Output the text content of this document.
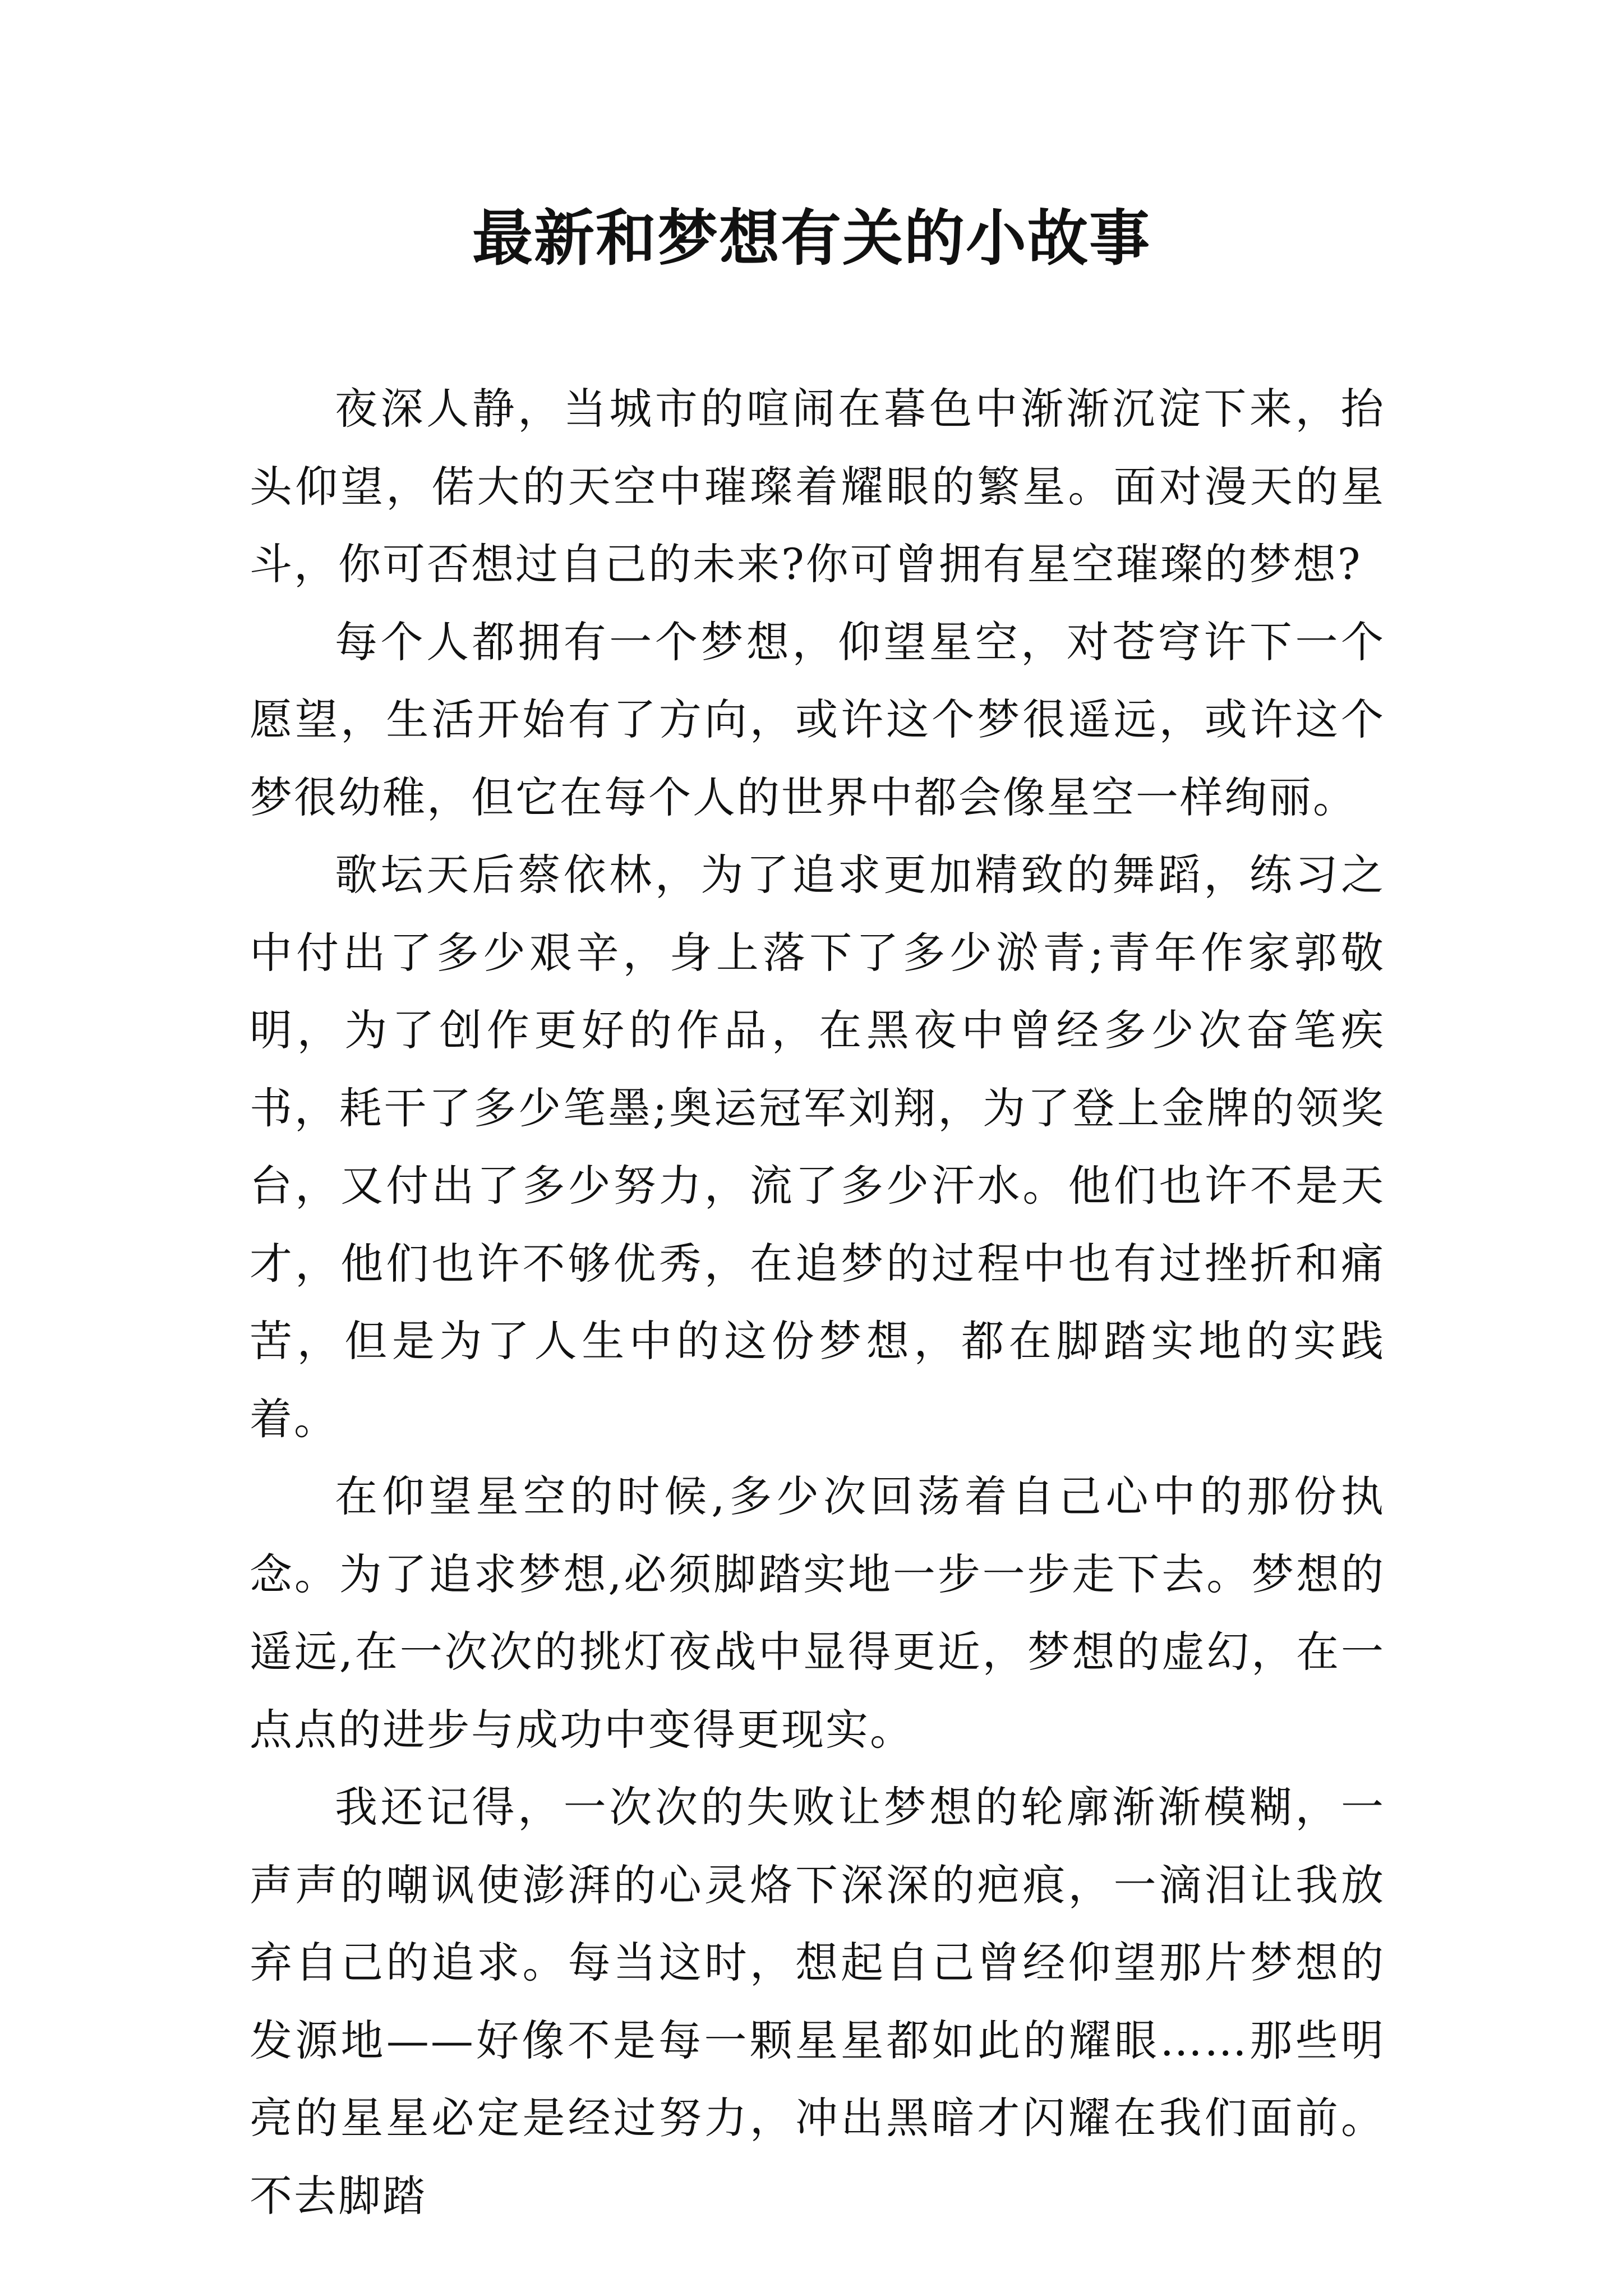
最新和梦想有关的小故事

夜深人静，当城市的喧闹在暮色中渐渐沉淀下来，抬头仰望，偌大的天空中璀璨着耀眼的繁星。面对漫天的星斗，你可否想过自己的未来?你可曾拥有星空璀璨的梦想?

每个人都拥有一个梦想，仰望星空，对苍穹许下一个愿望，生活开始有了方向，或许这个梦很遥远，或许这个梦很幼稚，但它在每个人的世界中都会像星空一样绚丽。

歌坛天后蔡依林，为了追求更加精致的舞蹈，练习之中付出了多少艰辛，身上落下了多少淤青;青年作家郭敬明，为了创作更好的作品，在黑夜中曾经多少次奋笔疾书，耗干了多少笔墨;奥运冠军刘翔，为了登上金牌的领奖台，又付出了多少努力，流了多少汗水。他们也许不是天才，他们也许不够优秀，在追梦的过程中也有过挫折和痛苦，但是为了人生中的这份梦想，都在脚踏实地的实践着。

在仰望星空的时候,多少次回荡着自己心中的那份执念。为了追求梦想,必须脚踏实地一步一步走下去。梦想的遥远,在一次次的挑灯夜战中显得更近，梦想的虚幻，在一点点的进步与成功中变得更现实。

我还记得，一次次的失败让梦想的轮廓渐渐模糊，一声声的嘲讽使澎湃的心灵烙下深深的疤痕，一滴泪让我放弃自己的追求。每当这时，想起自己曾经仰望那片梦想的发源地——好像不是每一颗星星都如此的耀眼……那些明亮的星星必定是经过努力，冲出黑暗才闪耀在我们面前。不去脚踏
